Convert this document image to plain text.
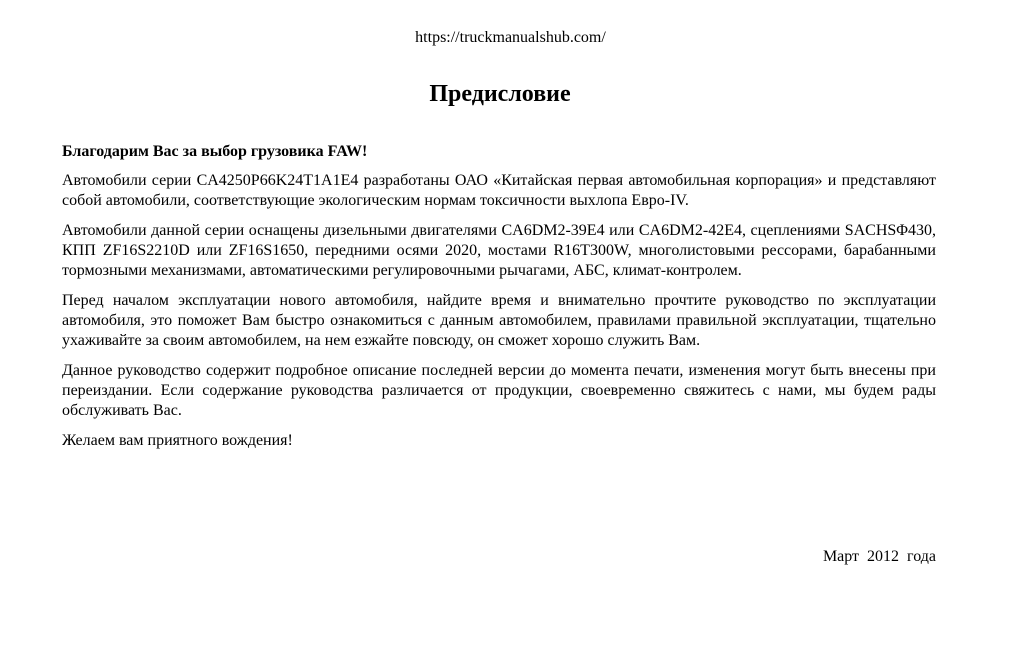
https://truckmanualshub.com/
Предисловие

Благодарим Вас за выбор грузовика FAW!

Автомобили серии CA4250P66K24T1A1E4 разработаны ОАО «Китайская первая автомобильная корпорация» и представляют собой автомобили, соответствующие экологическим нормам токсичности выхлопа Евро-IV.

Автомобили данной серии оснащены дизельными двигателями CA6DM2-39E4 или CA6DM2-42E4, сцеплениями SACHSΦ430, КПП ZF16S2210D или ZF16S1650, передними осями 2020, мостами R16T300W, многолистовыми рессорами, барабанными тормозными механизмами, автоматическими регулировочными рычагами, АБС, климат-контролем.

Перед началом эксплуатации нового автомобиля, найдите время и внимательно прочтите руководство по эксплуатации автомобиля, это поможет Вам быстро ознакомиться с данным автомобилем, правилами правильной эксплуатации, тщательно ухаживайте за своим автомобилем, на нем езжайте повсюду, он сможет хорошо служить Вам.

Данное руководство содержит подробное описание последней версии до момента печати, изменения могут быть внесены при переиздании. Если содержание руководства различается от продукции, своевременно свяжитесь с нами, мы будем рады обслуживать Вас.

Желаем вам приятного вождения!

Март 2012 года
